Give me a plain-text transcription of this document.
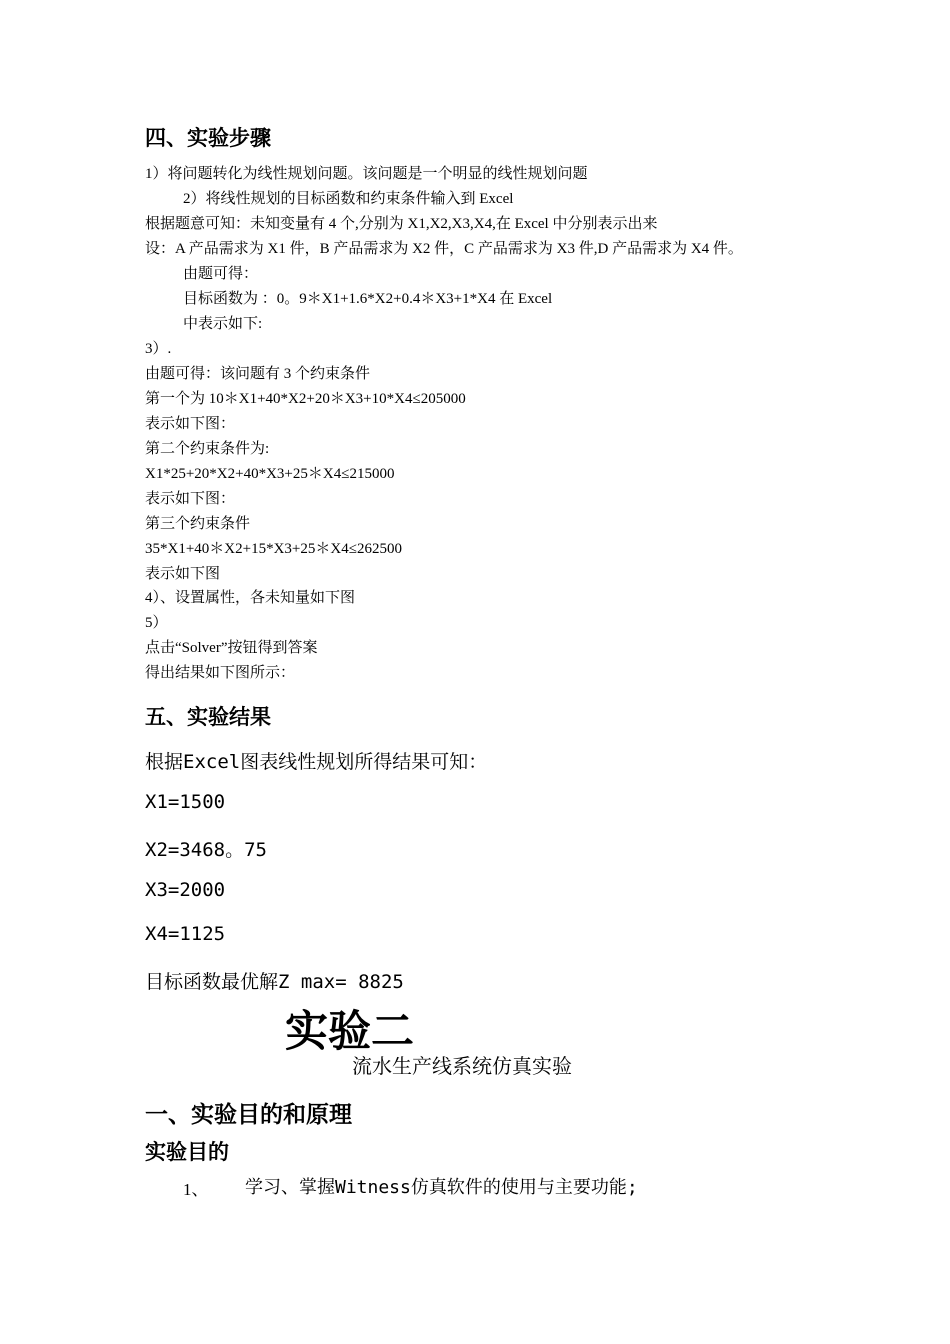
四、实验步骤
1）将问题转化为线性规划问题。该问题是一个明显的线性规划问题
2）将线性规划的目标函数和约束条件输入到 Excel
根据题意可知：未知变量有 4 个,分别为 X1,X2,X3,X4,在 Excel 中分别表示出来
设：A 产品需求为 X1 件，B 产品需求为 X2 件，C 产品需求为 X3 件,D 产品需求为 X4 件。
由题可得：
目标函数为 ：0。9＊X1+1.6*X2+0.4＊X3+1*X4 在 Excel
中表示如下:
3）.
由题可得：该问题有 3 个约束条件
第一个为 10＊X1+40*X2+20＊X3+10*X4≤205000
表示如下图：
第二个约束条件为:
X1*25+20*X2+40*X3+25＊X4≤215000
表示如下图：
第三个约束条件
35*X1+40＊X2+15*X3+25＊X4≤262500
表示如下图
4）、设置属性，各未知量如下图
5）
点击“Solver”按钮得到答案
得出结果如下图所示：
五、实验结果
根据Excel图表线性规划所得结果可知：
X1=1500
X2=3468。75
X3=2000
X4=1125
目标函数最优解Z max= 8825
实验二
流水生产线系统仿真实验
一、实验目的和原理
实验目的
1、 学习、掌握Witness仿真软件的使用与主要功能;
